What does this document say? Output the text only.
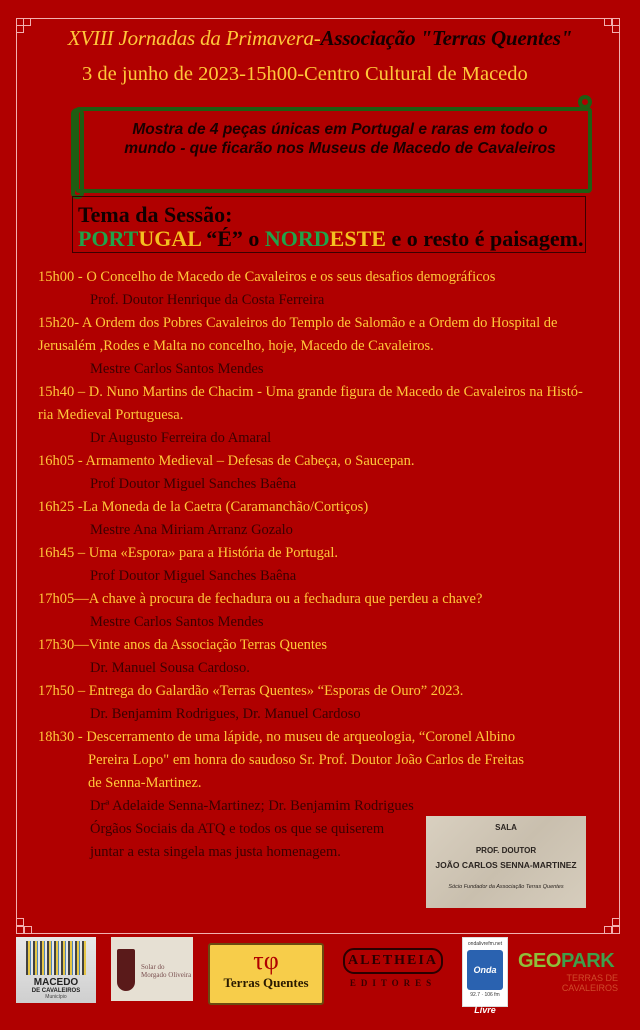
XVIII Jornadas da Primavera-Associação "Terras Quentes"
3 de junho de 2023-15h00-Centro Cultural de Macedo
Mostra de 4 peças únicas em Portugal e raras em todo o
mundo - que ficarão nos Museus de Macedo de Cavaleiros
Tema da Sessão:
PORTUGAL “É” o NORDESTE e o resto é paisagem.
15h00 - O Concelho de Macedo de Cavaleiros e os seus desafios demográficos
Prof. Doutor Henrique da Costa Ferreira
15h20- A Ordem dos Pobres Cavaleiros do Templo de Salomão e a Ordem do Hospital de
Jerusalém ,Rodes e Malta no concelho, hoje, Macedo de Cavaleiros.
Mestre Carlos Santos Mendes
15h40 – D. Nuno Martins de Chacim - Uma grande figura de Macedo de Cavaleiros na Histó-
ria Medieval Portuguesa.
Dr Augusto Ferreira do Amaral
16h05 - Armamento Medieval – Defesas de Cabeça, o Saucepan.
Prof Doutor Miguel Sanches Baêna
16h25 -La Moneda de la Caetra (Caramanchão/Cortiços)
Mestre Ana Miriam Arranz Gozalo
16h45 – Uma «Espora» para a História de Portugal.
Prof Doutor Miguel Sanches Baêna
17h05—A chave à procura de fechadura ou a fechadura que perdeu a chave?
Mestre Carlos Santos Mendes
17h30—Vinte anos da Associação Terras Quentes
Dr. Manuel Sousa Cardoso.
17h50 – Entrega do Galardão «Terras Quentes» “Esporas de Ouro” 2023.
Dr. Benjamim Rodrigues, Dr. Manuel Cardoso
18h30 - Descerramento de uma lápide, no museu de arqueologia, “Coronel Albino
Pereira Lopo" em honra do saudoso Sr. Prof. Doutor João Carlos de Freitas
de Senna-Martinez.
Drª Adelaide Senna-Martinez; Dr. Benjamim Rodrigues
Órgãos Sociais da ATQ e todos os que se quiserem
juntar a esta singela mas justa homenagem.
SALA
PROF. DOUTOR
JOÃO CARLOS SENNA-MARTINEZ
Sócio Fundador da Associação Terras Quentes
MACEDO
DE CAVALEIROS
Município
Solar do
Morgado Oliveira	τφ
Terras Quentes
ALETHEIA
EDITORES
ondalivrefm.net
Onda Livre
92.7 · 106 fm
GEOPARK
TERRAS DE
CAVALEIROS
